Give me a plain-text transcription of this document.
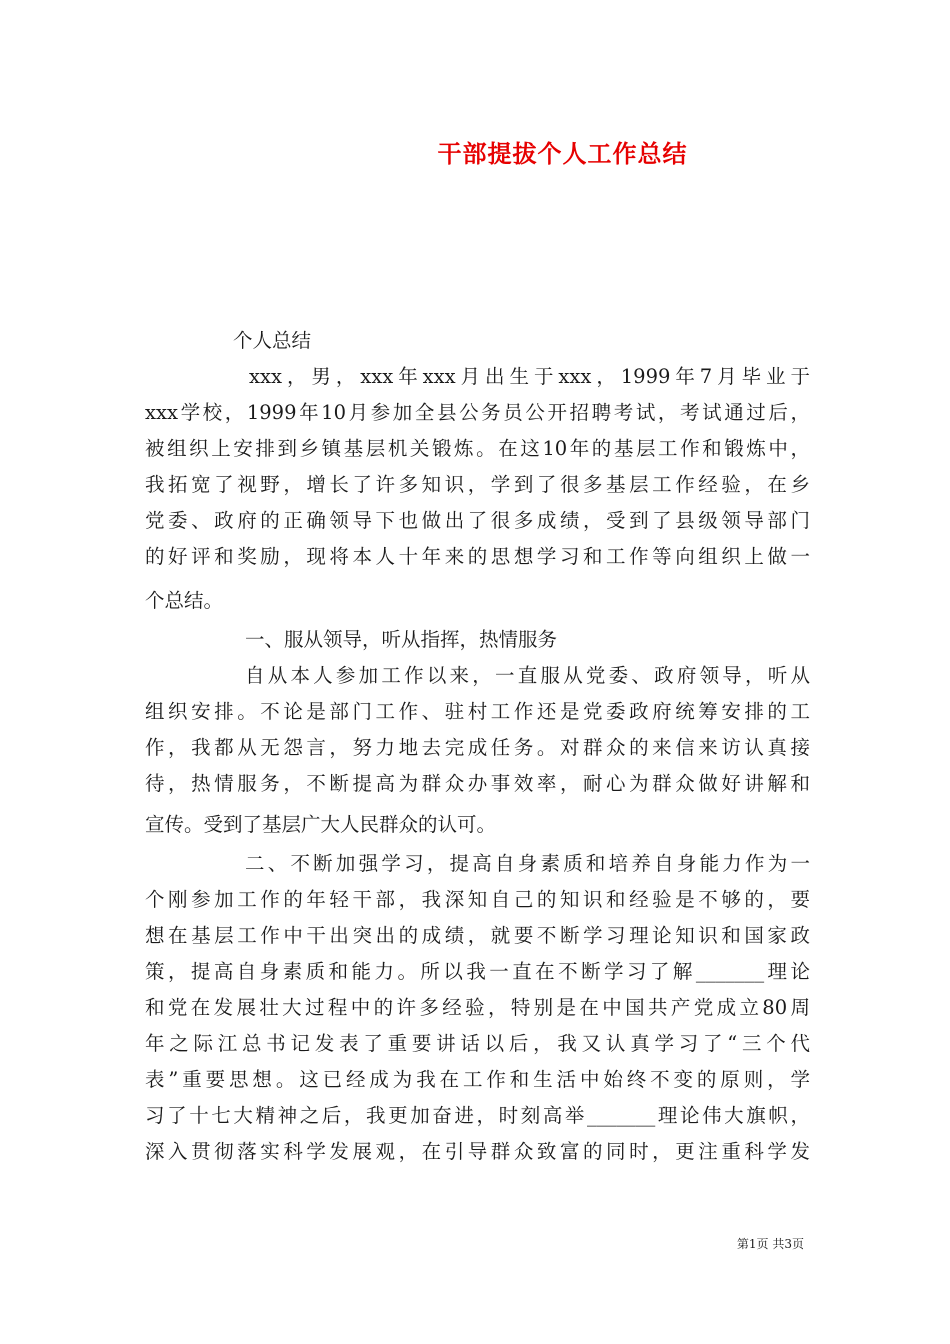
干部提拔个人工作总结
个人总结
xxx，男，xxx年xxx月出生于xxx，1999年7月毕业于
xxx学校，1999年10月参加全县公务员公开招聘考试，考试通过后，
被组织上安排到乡镇基层机关锻炼。在这10年的基层工作和锻炼中，
我拓宽了视野，增长了许多知识，学到了很多基层工作经验，在乡
党委、政府的正确领导下也做出了很多成绩，受到了县级领导部门
的好评和奖励，现将本人十年来的思想学习和工作等向组织上做一
个总结。
一、服从领导，听从指挥，热情服务
自从本人参加工作以来，一直服从党委、政府领导，听从
组织安排。不论是部门工作、驻村工作还是党委政府统筹安排的工
作，我都从无怨言，努力地去完成任务。对群众的来信来访认真接
待，热情服务，不断提高为群众办事效率，耐心为群众做好讲解和
宣传。受到了基层广大人民群众的认可。
二、不断加强学习，提高自身素质和培养自身能力作为一
个刚参加工作的年轻干部，我深知自己的知识和经验是不够的，要
想在基层工作中干出突出的成绩，就要不断学习理论知识和国家政
策，提高自身素质和能力。所以我一直在不断学习了解_______理论
和党在发展壮大过程中的许多经验，特别是在中国共产党成立80周
年之际江总书记发表了重要讲话以后，我又认真学习了“三个代
表”重要思想。这已经成为我在工作和生活中始终不变的原则，学
习了十七大精神之后，我更加奋进，时刻高举_______理论伟大旗帜，
深入贯彻落实科学发展观，在引导群众致富的同时，更注重科学发
第1页 共3页
